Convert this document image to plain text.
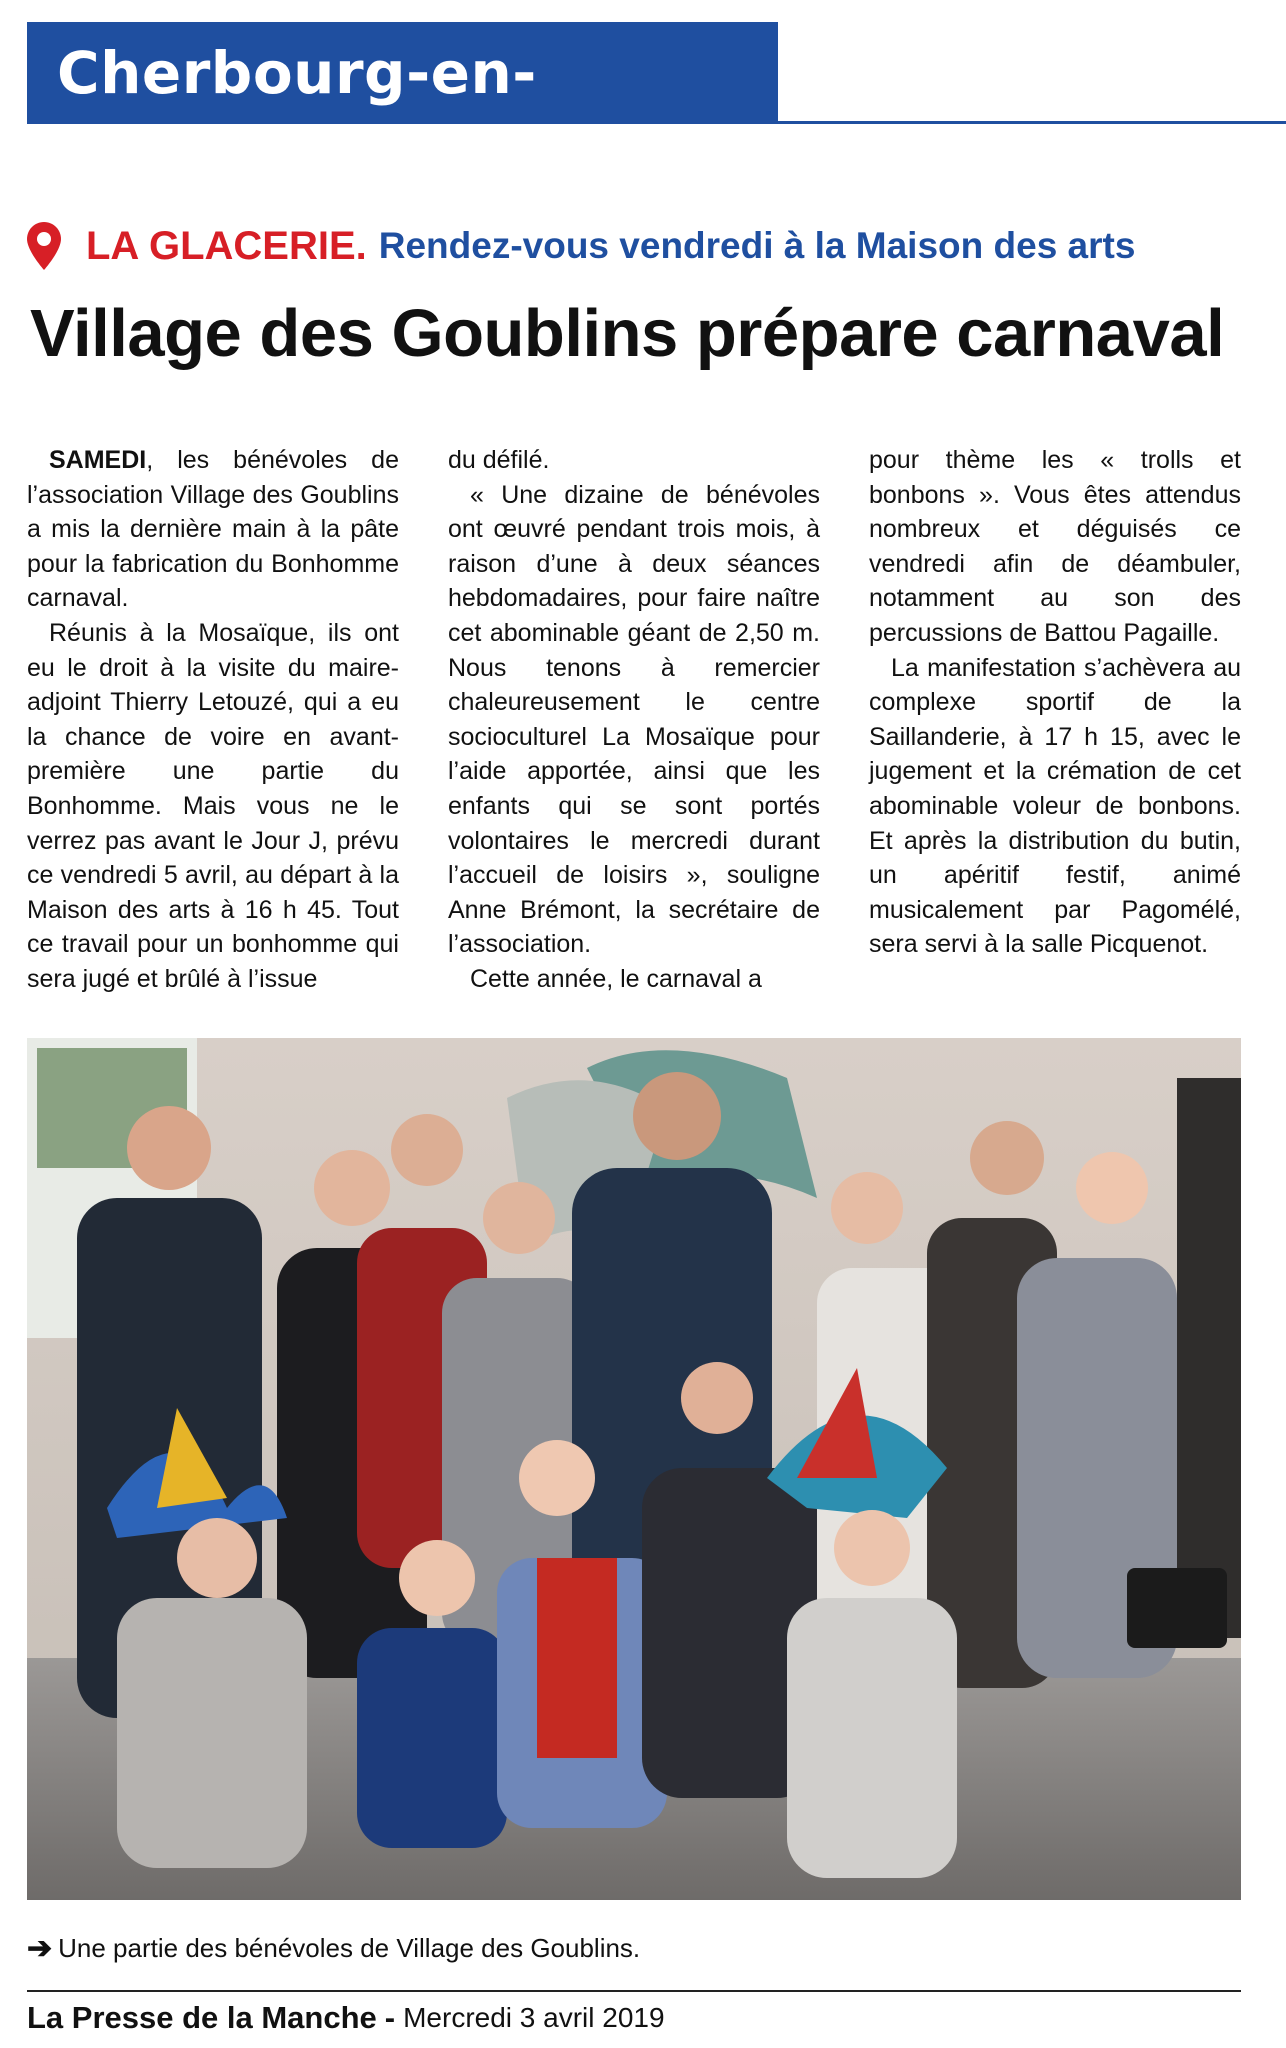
Cherbourg-en-Cotentin
LA GLACERIE. Rendez-vous vendredi à la Maison des arts
Village des Goublins prépare carnaval

SAMEDI, les bénévoles de l’association Village des Goublins a mis la dernière main à la pâte pour la fabrication du Bonhomme carnaval.

Réunis à la Mosaïque, ils ont eu le droit à la visite du maire-adjoint Thierry Letouzé, qui a eu la chance de voire en avant-première une partie du Bonhomme. Mais vous ne le verrez pas avant le Jour J, prévu ce vendredi 5 avril, au départ à la Maison des arts à 16 h 45. Tout ce travail pour un bonhomme qui sera jugé et brûlé à l’issue

du défilé.

« Une dizaine de bénévoles ont œuvré pendant trois mois, à raison d’une à deux séances hebdomadaires, pour faire naître cet abominable géant de 2,50 m. Nous tenons à remercier chaleureusement le centre socioculturel La Mosaïque pour l’aide apportée, ainsi que les enfants qui se sont portés volontaires le mercredi durant l’accueil de loisirs », souligne Anne Brémont, la secrétaire de l’association.

Cette année, le carnaval a

pour thème les « trolls et bonbons ». Vous êtes attendus nombreux et déguisés ce vendredi afin de déambuler, notamment au son des percussions de Battou Pagaille.

La manifestation s’achèvera au complexe sportif de la Saillanderie, à 17 h 15, avec le jugement et la crémation de cet abominable voleur de bonbons. Et après la distribution du butin, un apéritif festif, animé musicalement par Pagomélé, sera servi à la salle Picquenot.

➔ Une partie des bénévoles de Village des Goublins.
La Presse de la Manche - Mercredi 3 avril 2019
